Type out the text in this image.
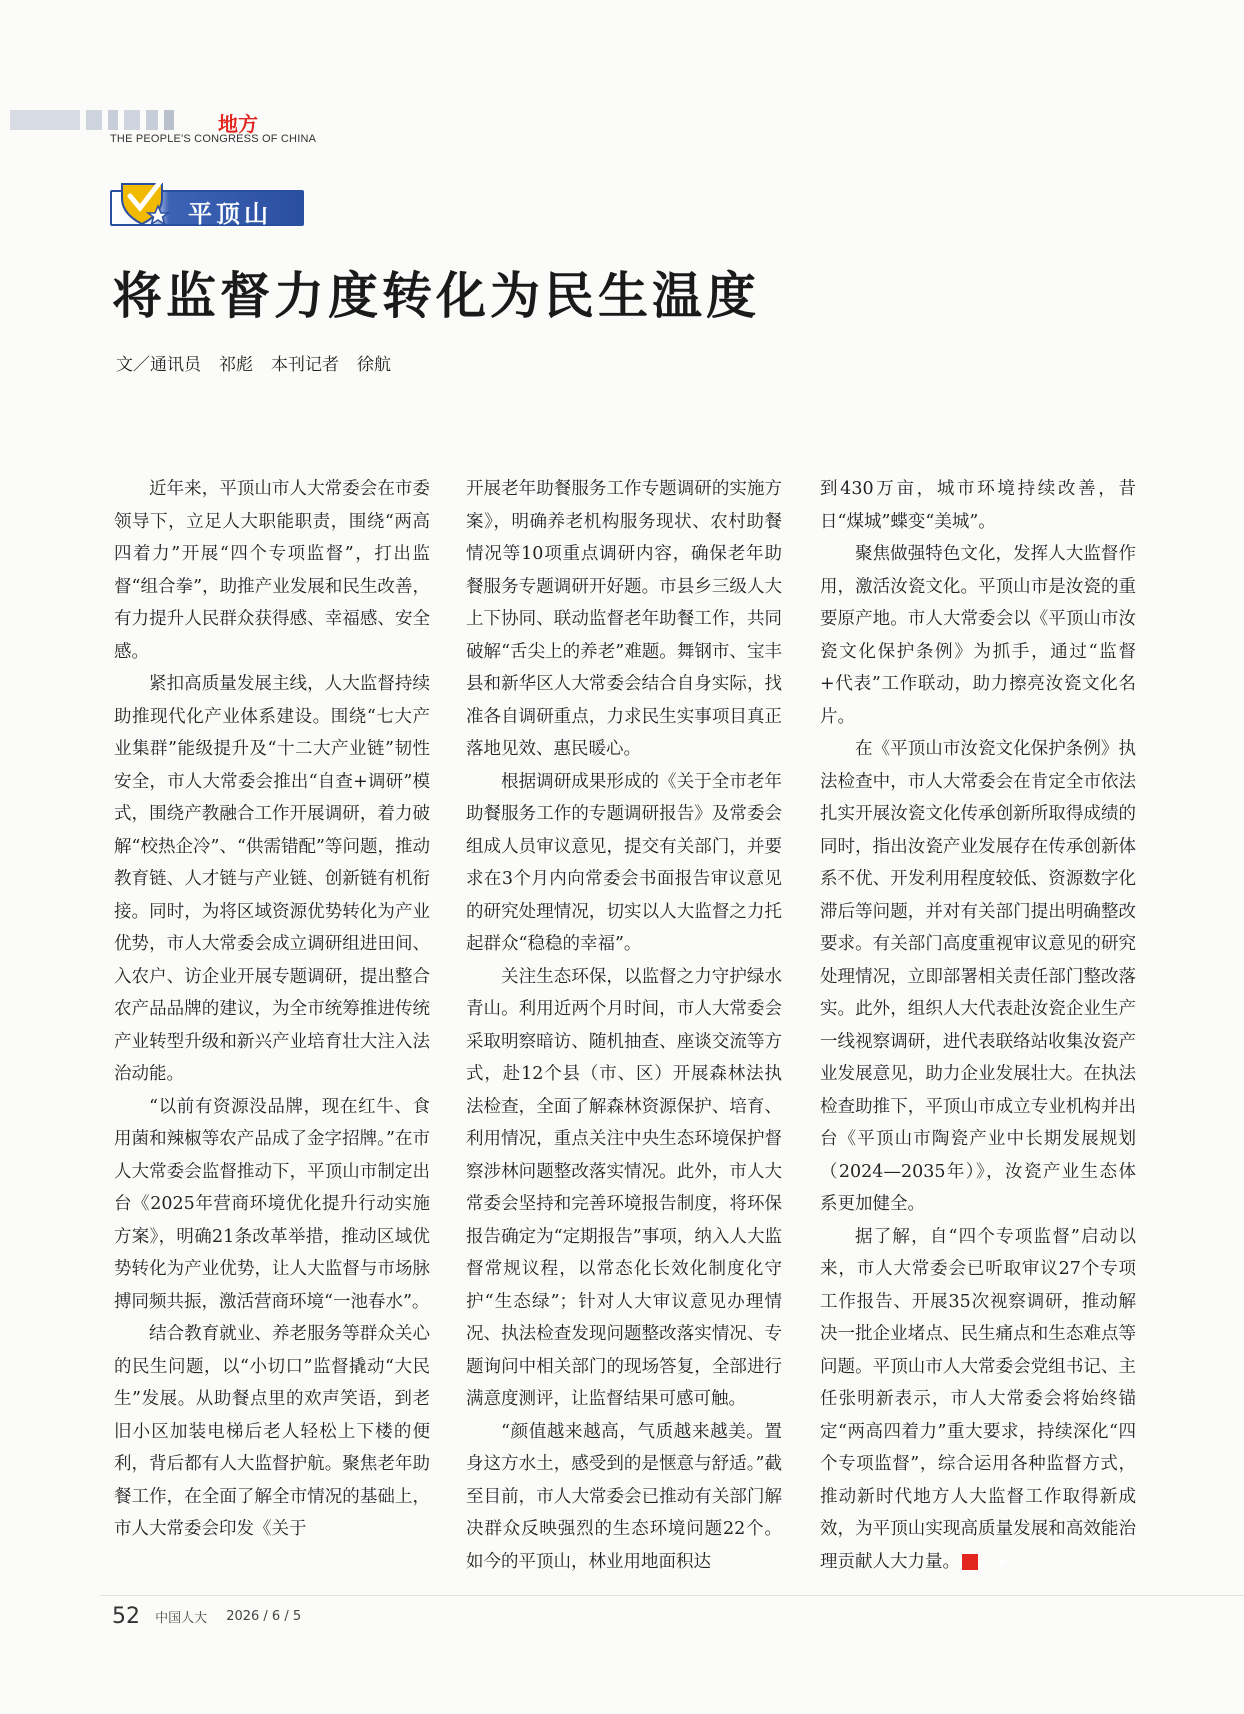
地方
THE PEOPLE'S CONGRESS OF CHINA
平顶山
将监督力度转化为民生温度
文／通讯员 祁彪 本刊记者 徐航

近年来，平顶山市人大常委会在市委领导下，立足人大职能职责，围绕“两高四着力”开展“四个专项监督”，打出监督“组合拳”，助推产业发展和民生改善，有力提升人民群众获得感、幸福感、安全感。

紧扣高质量发展主线，人大监督持续助推现代化产业体系建设。围绕“七大产业集群”能级提升及“十二大产业链”韧性安全，市人大常委会推出“自查+调研”模式，围绕产教融合工作开展调研，着力破解“校热企冷”、“供需错配”等问题，推动教育链、人才链与产业链、创新链有机衔接。同时，为将区域资源优势转化为产业优势，市人大常委会成立调研组进田间、入农户、访企业开展专题调研，提出整合农产品品牌的建议，为全市统筹推进传统产业转型升级和新兴产业培育壮大注入法治动能。

“以前有资源没品牌，现在红牛、食用菌和辣椒等农产品成了金字招牌。”在市人大常委会监督推动下，平顶山市制定出台《2025年营商环境优化提升行动实施方案》，明确21条改革举措，推动区域优势转化为产业优势，让人大监督与市场脉搏同频共振，激活营商环境“一池春水”。

结合教育就业、养老服务等群众关心的民生问题，以“小切口”监督撬动“大民生”发展。从助餐点里的欢声笑语，到老旧小区加装电梯后老人轻松上下楼的便利，背后都有人大监督护航。聚焦老年助餐工作，在全面了解全市情况的基础上，市人大常委会印发《关于

开展老年助餐服务工作专题调研的实施方案》，明确养老机构服务现状、农村助餐情况等10项重点调研内容，确保老年助餐服务专题调研开好题。市县乡三级人大上下协同、联动监督老年助餐工作，共同破解“舌尖上的养老”难题。舞钢市、宝丰县和新华区人大常委会结合自身实际，找准各自调研重点，力求民生实事项目真正落地见效、惠民暖心。

根据调研成果形成的《关于全市老年助餐服务工作的专题调研报告》及常委会组成人员审议意见，提交有关部门，并要求在3个月内向常委会书面报告审议意见的研究处理情况，切实以人大监督之力托起群众“稳稳的幸福”。

关注生态环保，以监督之力守护绿水青山。利用近两个月时间，市人大常委会采取明察暗访、随机抽查、座谈交流等方式，赴12个县（市、区）开展森林法执法检查，全面了解森林资源保护、培育、利用情况，重点关注中央生态环境保护督察涉林问题整改落实情况。此外，市人大常委会坚持和完善环境报告制度，将环保报告确定为“定期报告”事项，纳入人大监督常规议程，以常态化长效化制度化守护“生态绿”；针对人大审议意见办理情况、执法检查发现问题整改落实情况、专题询问中相关部门的现场答复，全部进行满意度测评，让监督结果可感可触。

“颜值越来越高，气质越来越美。置身这方水土，感受到的是惬意与舒适。”截至目前，市人大常委会已推动有关部门解决群众反映强烈的生态环境问题22个。如今的平顶山，林业用地面积达

到430万亩，城市环境持续改善，昔日“煤城”蝶变“美城”。

聚焦做强特色文化，发挥人大监督作用，激活汝瓷文化。平顶山市是汝瓷的重要原产地。市人大常委会以《平顶山市汝瓷文化保护条例》为抓手，通过“监督+代表”工作联动，助力擦亮汝瓷文化名片。

在《平顶山市汝瓷文化保护条例》执法检查中，市人大常委会在肯定全市依法扎实开展汝瓷文化传承创新所取得成绩的同时，指出汝瓷产业发展存在传承创新体系不优、开发利用程度较低、资源数字化滞后等问题，并对有关部门提出明确整改要求。有关部门高度重视审议意见的研究处理情况，立即部署相关责任部门整改落实。此外，组织人大代表赴汝瓷企业生产一线视察调研，进代表联络站收集汝瓷产业发展意见，助力企业发展壮大。在执法检查助推下，平顶山市成立专业机构并出台《平顶山市陶瓷产业中长期发展规划（2024—2035年）》，汝瓷产业生态体系更加健全。

据了解，自“四个专项监督”启动以来，市人大常委会已听取审议27个专项工作报告、开展35次视察调研，推动解决一批企业堵点、民生痛点和生态难点等问题。平顶山市人大常委会党组书记、主任张明新表示，市人大常委会将始终锚定“两高四着力”重大要求，持续深化“四个专项监督”，综合运用各种监督方式，推动新时代地方人大监督工作取得新成效，为平顶山实现高质量发展和高效能治理贡献人大力量。	★

52 中国人大 2026 / 6 / 5
